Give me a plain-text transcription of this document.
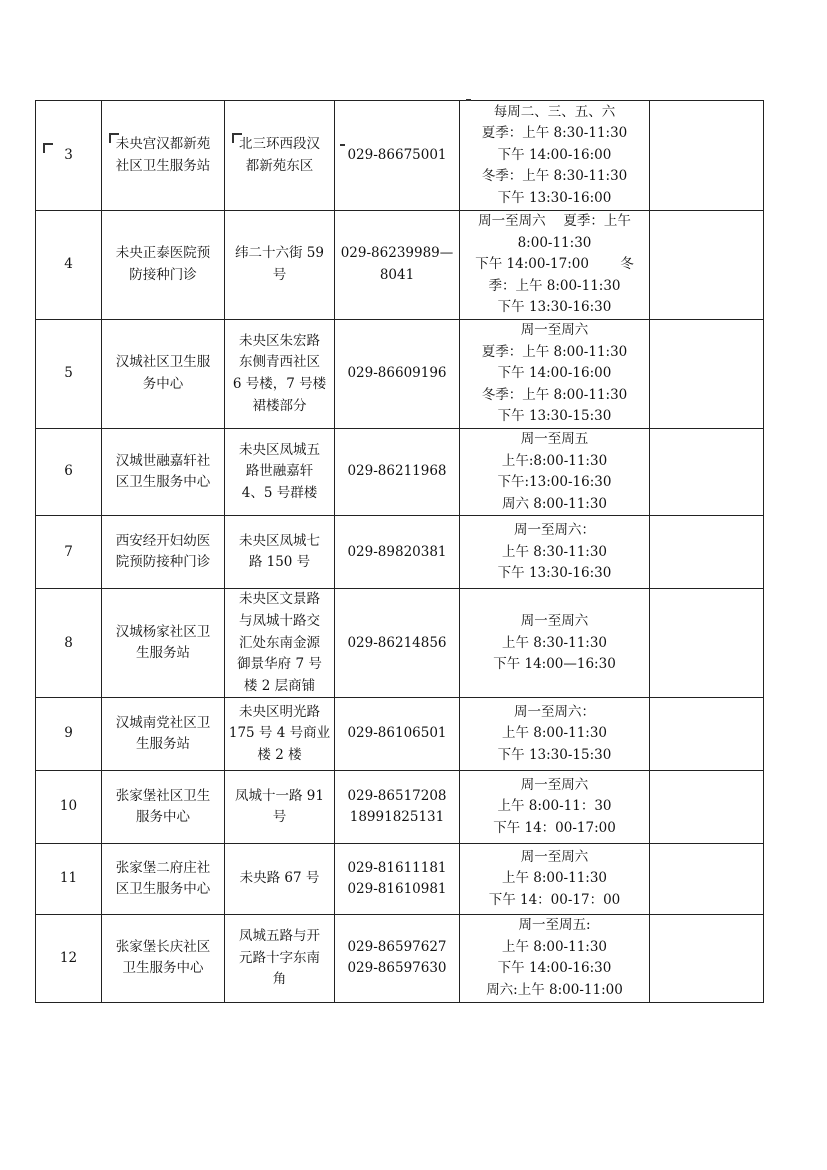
3	未央宫汉都新苑
社区卫生服务站	北三环西段汉
都新苑东区	029-86675001	每周二、三、五、六
夏季：上午 8:30-11:30
下午 14:00-16:00
冬季：上午 8:30-11:30
下午 13:30-16:00	

4	未央正泰医院预
防接种门诊	纬二十六街 59
号	029-86239989—
8041	周一至周六　 夏季：上午
8:00-11:30
下午 14:00-17:00　　 冬
季：上午 8:00-11:30
下午 13:30-16:30	

5	汉城社区卫生服
务中心	未央区朱宏路
东侧青西社区
6 号楼，7 号楼
裙楼部分	029-86609196	周一至周六
夏季：上午 8:00-11:30
下午 14:00-16:00
冬季：上午 8:00-11:30
下午 13:30-15:30	

6	汉城世融嘉轩社
区卫生服务中心	未央区凤城五
路世融嘉轩
4、5 号群楼	029-86211968	周一至周五
上午:8:00-11:30
下午:13:00-16:30
周六 8:00-11:30	

7	西安经开妇幼医
院预防接种门诊	未央区凤城七
路 150 号	029-89820381	周一至周六：
上午 8:30-11:30
下午 13:30-16:30	

8	汉城杨家社区卫
生服务站	未央区文景路
与凤城十路交
汇处东南金源
御景华府 7 号
楼 2 层商铺	029-86214856	周一至周六
上午 8:30-11:30
下午 14:00—16:30	

9	汉城南党社区卫
生服务站	未央区明光路
175 号 4 号商业
楼 2 楼	029-86106501	周一至周六：
上午 8:00-11:30
下午 13:30-15:30	

10	张家堡社区卫生
服务中心	凤城十一路 91
号	029-86517208
18991825131	周一至周六
上午 8:00-11：30
下午 14：00-17:00	

11	张家堡二府庄社
区卫生服务中心	未央路 67 号	029-81611181
029-81610981	周一至周六
上午 8:00-11:30
下午 14：00-17：00	

12	张家堡长庆社区
卫生服务中心	凤城五路与开
元路十字东南
角	029-86597627
029-86597630	周一至周五:
上午 8:00-11:30
下午 14:00-16:30
周六:上午 8:00-11:00	
